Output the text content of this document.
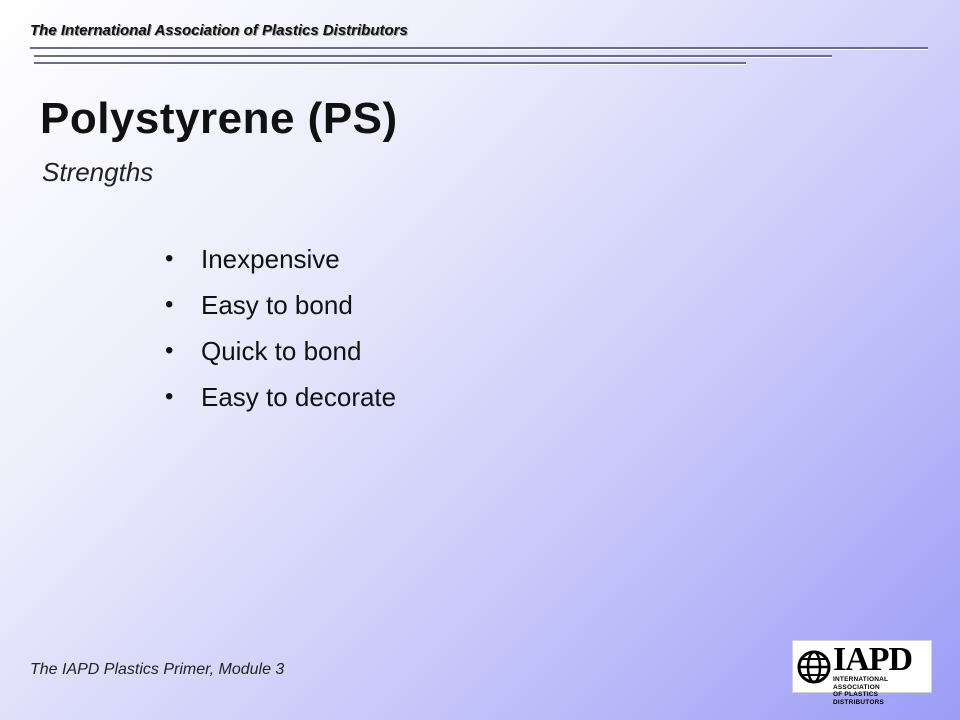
The International Association of Plastics Distributors
Polystyrene (PS)
Strengths
•	Inexpensive
•	Easy to bond
•	Quick to bond
•	Easy to decorate
The IAPD Plastics Primer, Module 3	IAPD
INTERNATIONAL ASSOCIATION
OF PLASTICS DISTRIBUTORS
